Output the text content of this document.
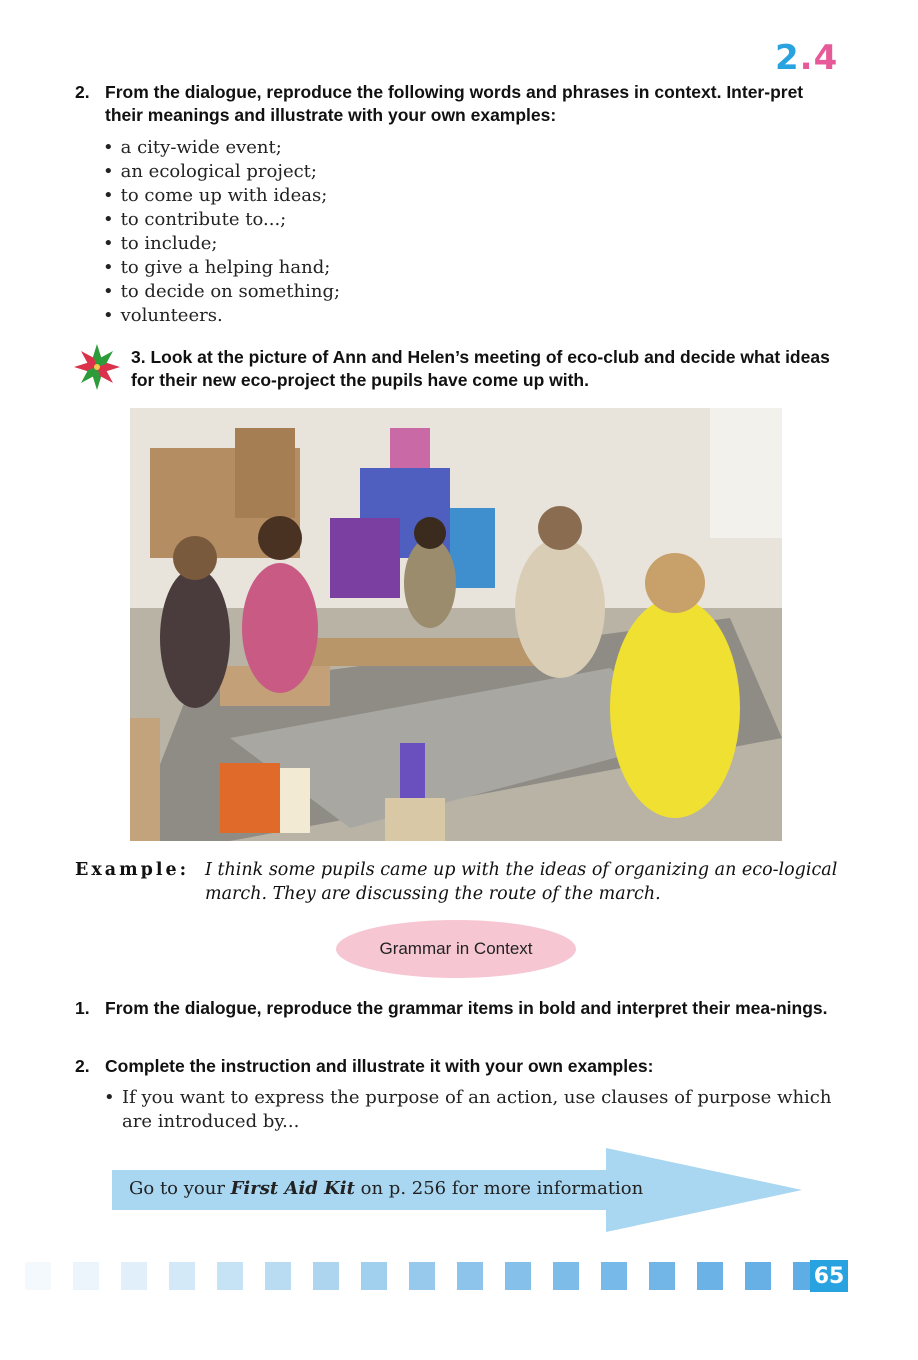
2.4
2. From the dialogue, reproduce the following words and phrases in context. Inter-pret their meanings and illustrate with your own examples:
• a city-wide event;
• an ecological project;
• to come up with ideas;
• to contribute to...;
• to include;
• to give a helping hand;
• to decide on something;
• volunteers.
3. Look at the picture of Ann and Helen’s meeting of eco-club and decide what ideas for their new eco-project the pupils have come up with.
Example: I think some pupils came up with the ideas of organizing an eco-logical march. They are discussing the route of the march.
Grammar in Context
1. From the dialogue, reproduce the grammar items in bold and interpret their mea-nings.
2. Complete the instruction and illustrate it with your own examples:
• If you want to express the purpose of an action, use clauses of purpose which are introduced by...
Go to your First Aid Kit on p. 256 for more information
65
